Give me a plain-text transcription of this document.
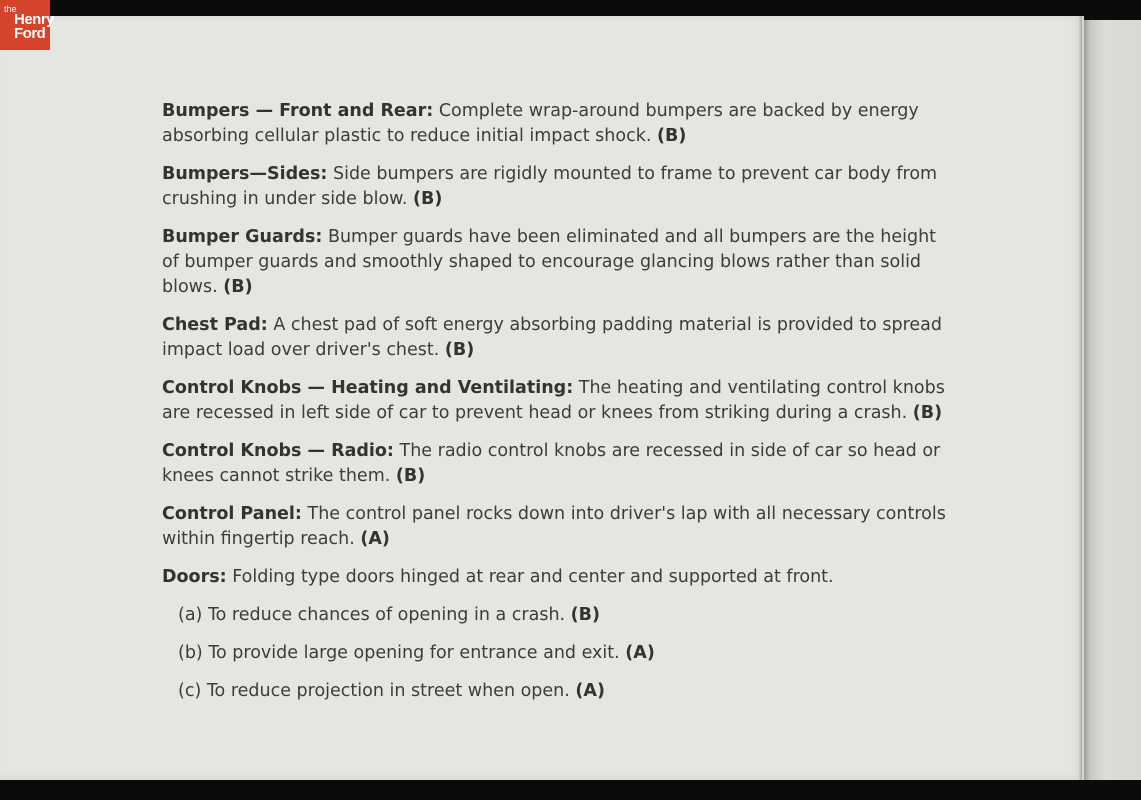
the
Henry
Ford

Bumpers — Front and Rear: Complete wrap-around bumpers are backed by energy absorbing cellular plastic to reduce initial impact shock. (B)

Bumpers—Sides: Side bumpers are rigidly mounted to frame to prevent car body from crushing in under side blow. (B)

Bumper Guards: Bumper guards have been eliminated and all bumpers are the height of bumper guards and smoothly shaped to encourage glancing blows rather than solid blows. (B)

Chest Pad: A chest pad of soft energy absorbing padding material is provided to spread impact load over driver's chest. (B)

Control Knobs — Heating and Ventilating: The heating and ventilating control knobs are recessed in left side of car to prevent head or knees from striking during a crash. (B)

Control Knobs — Radio: The radio control knobs are recessed in side of car so head or knees cannot strike them. (B)

Control Panel: The control panel rocks down into driver's lap with all necessary controls within fingertip reach. (A)

Doors: Folding type doors hinged at rear and center and supported at front.

(a) To reduce chances of opening in a crash. (B)

(b) To provide large opening for entrance and exit. (A)

(c) To reduce projection in street when open. (A)
